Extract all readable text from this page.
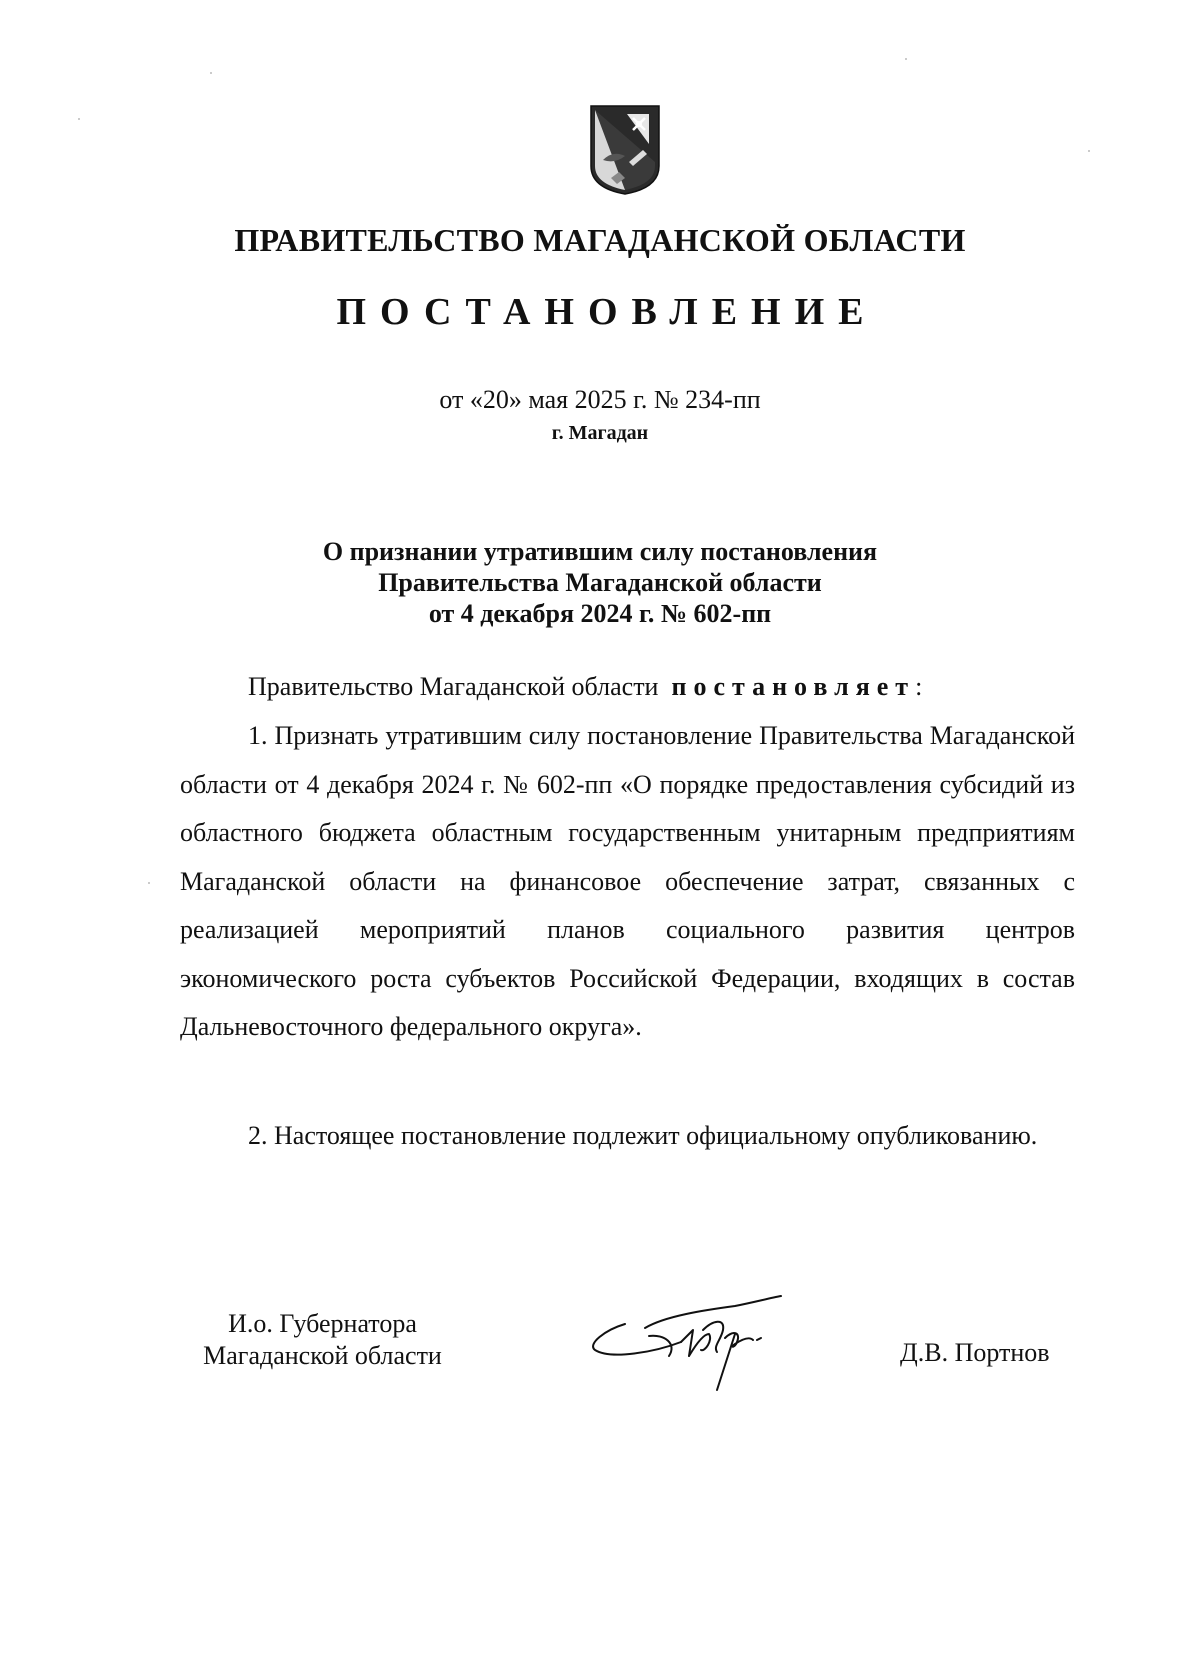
ПРАВИТЕЛЬСТВО МАГАДАНСКОЙ ОБЛАСТИ
ПОСТАНОВЛЕНИЕ
от «20» мая 2025 г. № 234-пп
г. Магадан
О признании утратившим силу постановления
Правительства Магаданской области
от 4 декабря 2024 г. № 602-пп
Правительство Магаданской области постановляет:
1. Признать утратившим силу постановление Правительства Магаданской области от 4 декабря 2024 г. № 602-пп «О порядке предоставления субсидий из областного бюджета областным государственным унитарным предприятиям Магаданской области на финансовое обеспечение затрат, связанных с реализацией мероприятий планов социального развития центров экономического роста субъектов Российской Федерации, входящих в состав Дальневосточного федерального округа».
2. Настоящее постановление подлежит официальному опубликованию.
И.о. Губернатора
Магаданской области	Д.В. Портнов
